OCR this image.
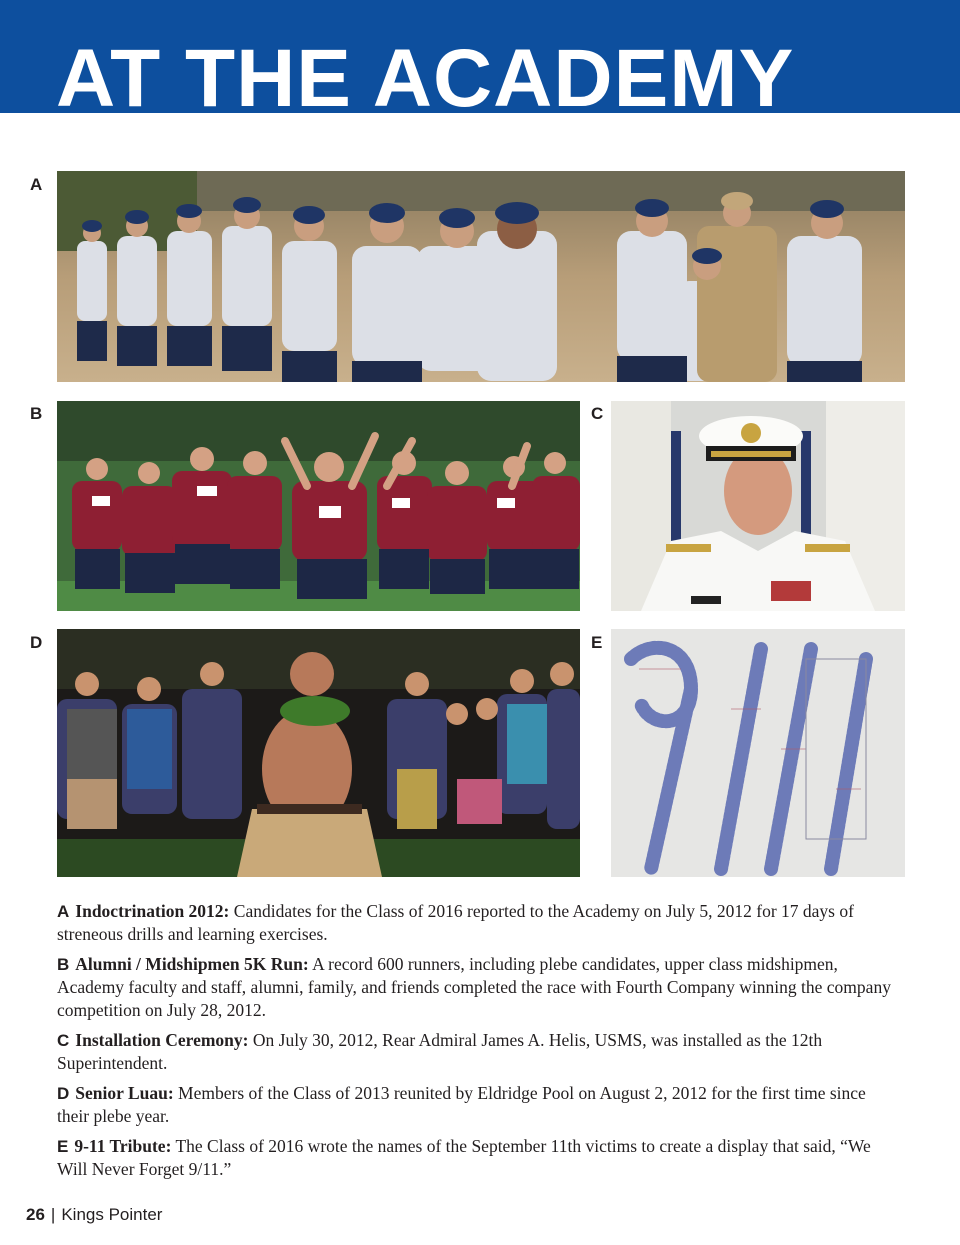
AT THE ACADEMY
A
B	C
D	E

A Indoctrination 2012: Candidates for the Class of 2016 reported to the Academy on July 5, 2012 for 17 days of streneous drills and learning exercises.

B Alumni / Midshipmen 5K Run: A record 600 runners, including plebe candidates, upper class midshipmen, Academy faculty and staff, alumni, family, and friends completed the race with Fourth Company winning the company competition on July 28, 2012.

C Installation Ceremony: On July 30, 2012, Rear Admiral James A. Helis, USMS, was installed as the 12th Superintendent.

D Senior Luau: Members of the Class of 2013 reunited by Eldridge Pool on August 2, 2012 for the first time since their plebe year.

E 9-11 Tribute: The Class of 2016 wrote the names of the September 11th victims to create a display that said, “We Will Never Forget 9/11.”

26 | Kings Pointer
